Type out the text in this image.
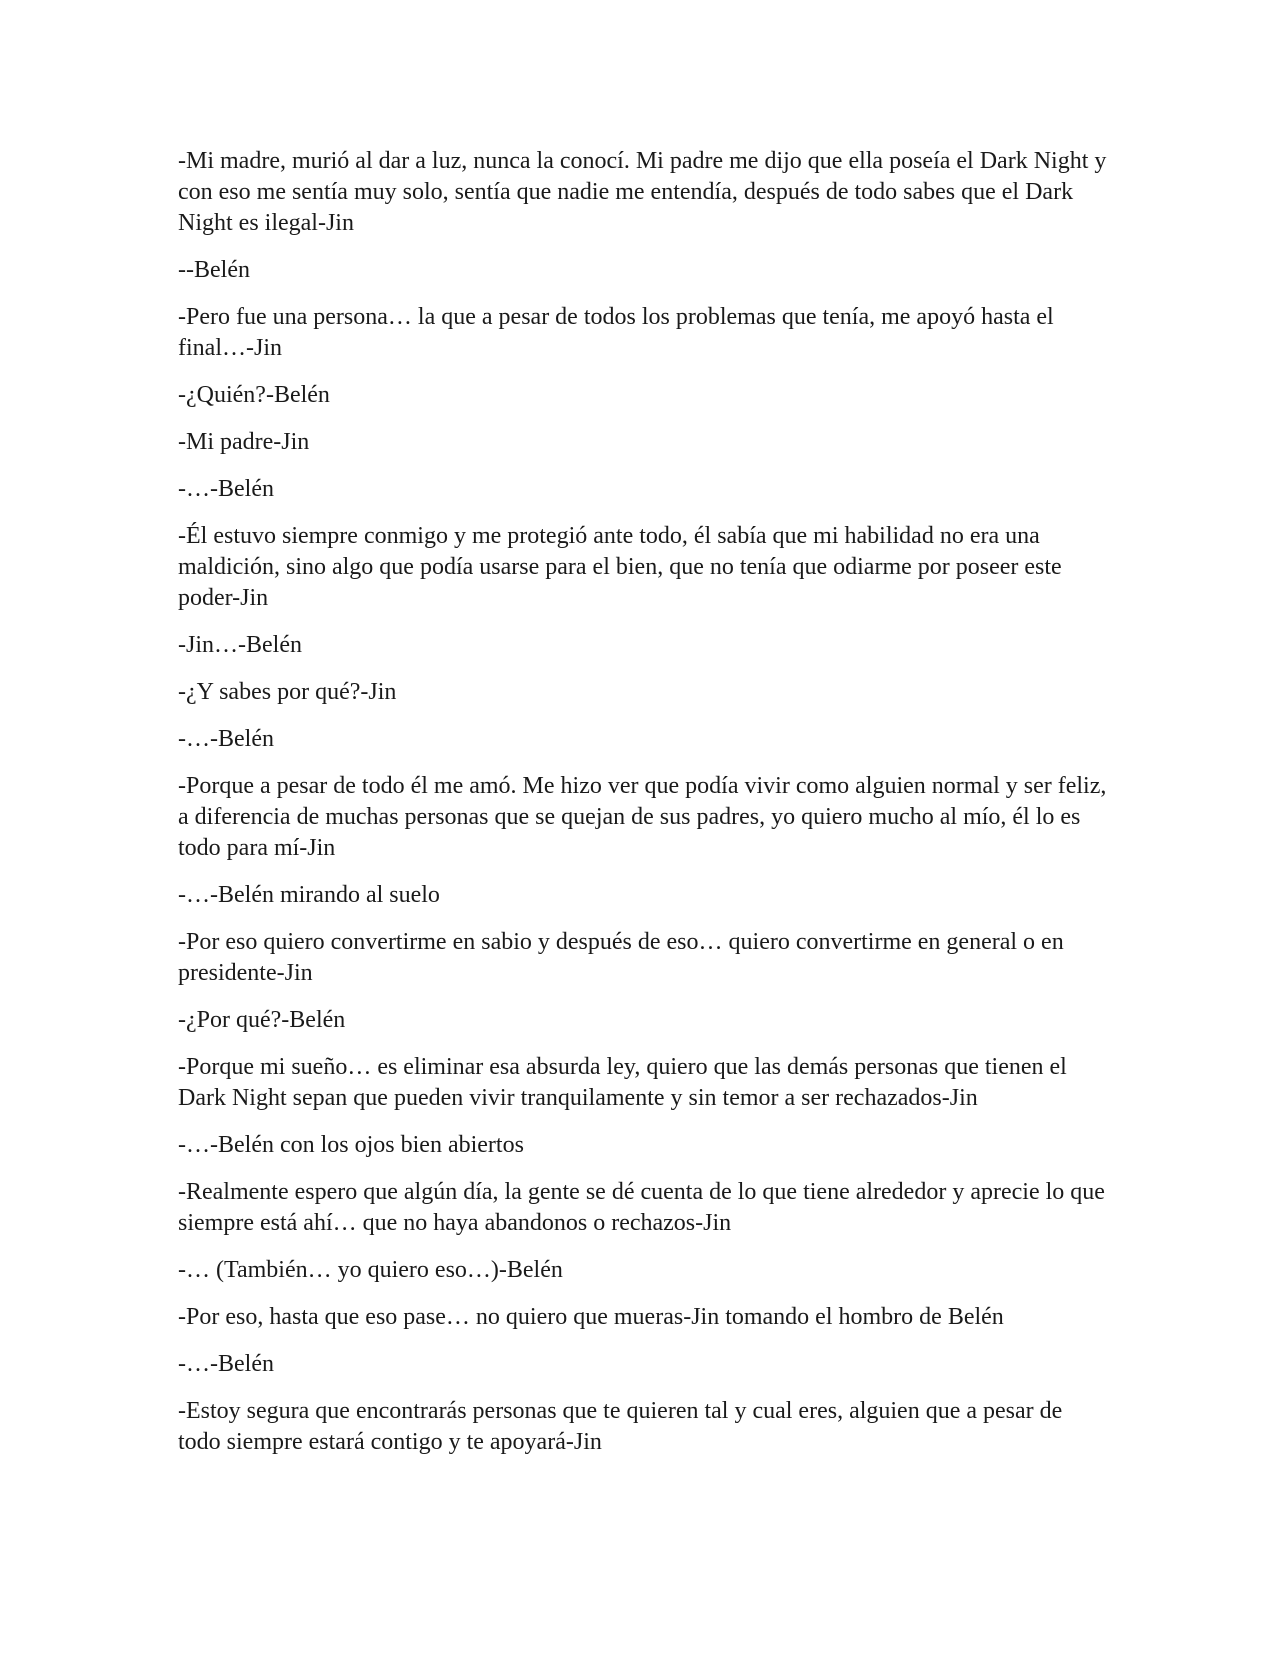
-Mi madre, murió al dar a luz, nunca la conocí. Mi padre me dijo que ella poseía el Dark Night y con eso me sentía muy solo, sentía que nadie me entendía, después de todo sabes que el Dark Night es ilegal-Jin

--Belén

-Pero fue una persona… la que a pesar de todos los problemas que tenía, me apoyó hasta el final…-Jin

-¿Quién?-Belén

-Mi padre-Jin

-…-Belén

-Él estuvo siempre conmigo y me protegió ante todo, él sabía que mi habilidad no era una maldición, sino algo que podía usarse para el bien, que no tenía que odiarme por poseer este poder-Jin

-Jin…-Belén

-¿Y sabes por qué?-Jin

-…-Belén

-Porque a pesar de todo él me amó. Me hizo ver que podía vivir como alguien normal y ser feliz, a diferencia de muchas personas que se quejan de sus padres, yo quiero mucho al mío, él lo es todo para mí-Jin

-…-Belén mirando al suelo

-Por eso quiero convertirme en sabio y después de eso… quiero convertirme en general o en presidente-Jin

-¿Por qué?-Belén

-Porque mi sueño… es eliminar esa absurda ley, quiero que las demás personas que tienen el Dark Night sepan que pueden vivir tranquilamente y sin temor a ser rechazados-Jin

-…-Belén con los ojos bien abiertos

-Realmente espero que algún día, la gente se dé cuenta de lo que tiene alrededor y aprecie lo que siempre está ahí… que no haya abandonos o rechazos-Jin

-… (También… yo quiero eso…)-Belén

-Por eso, hasta que eso pase… no quiero que mueras-Jin tomando el hombro de Belén

-…-Belén

-Estoy segura que encontrarás personas que te quieren tal y cual eres, alguien que a pesar de todo siempre estará contigo y te apoyará-Jin
